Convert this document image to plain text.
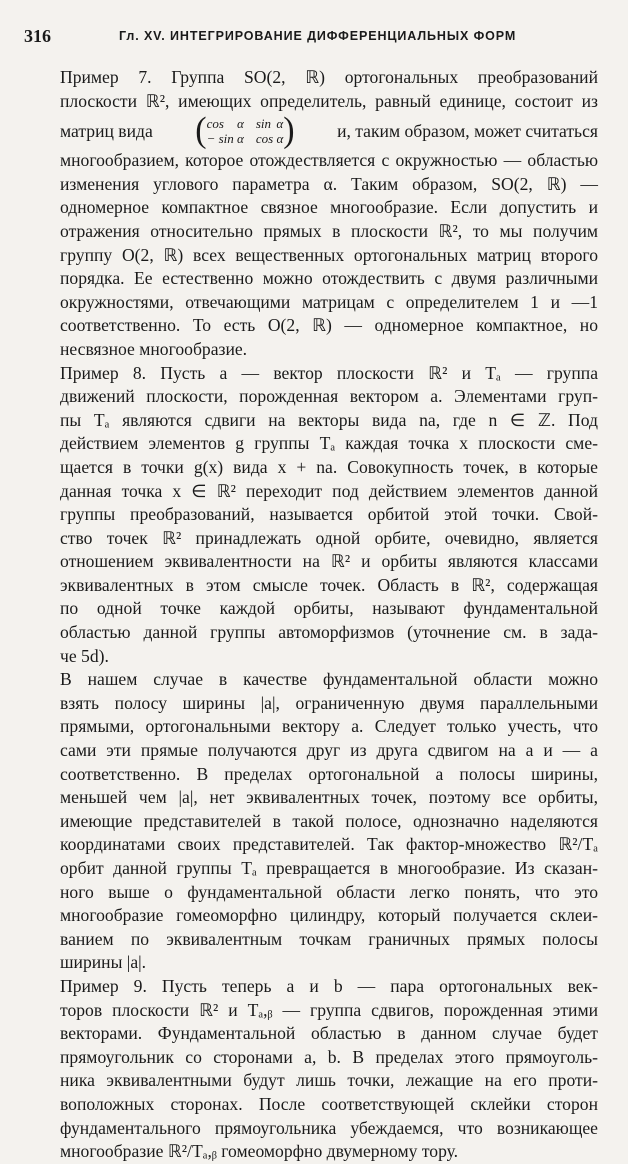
316	Гл. XV. ИНТЕГРИРОВАНИЕ ДИФФЕРЕНЦИАЛЬНЫХ ФОРМ
Пример 7. Группа SO(2, ℝ) ортогональных преобразований
плоскости ℝ², имеющих определитель, равный единице, состоит из
матриц вида ( cos α sin α
− sin α cos α ) и, таким образом, может считаться
многообразием, которое отождествляется с окружностью — областью
изменения углового параметра α. Таким образом, SO(2, ℝ) —
одномерное компактное связное многообразие. Если допустить и
отражения относительно прямых в плоскости ℝ², то мы получим
группу O(2, ℝ) всех вещественных ортогональных матриц второго
порядка. Ее естественно можно отождествить с двумя различными
окружностями, отвечающими матрицам с определителем 1 и —1
соответственно. То есть O(2, ℝ) — одномерное компактное, но
несвязное многообразие.
Пример 8. Пусть a — вектор плоскости ℝ² и Tₐ — группа
движений плоскости, порожденная вектором a. Элементами груп-
пы Tₐ являются сдвиги на векторы вида na, где n ∈ ℤ. Под
действием элементов g группы Tₐ каждая точка x плоскости сме-
щается в точки g(x) вида x + na. Совокупность точек, в которые
данная точка x ∈ ℝ² переходит под действием элементов данной
группы преобразований, называется орбитой этой точки. Свой-
ство точек ℝ² принадлежать одной орбите, очевидно, является
отношением эквивалентности на ℝ² и орбиты являются классами
эквивалентных в этом смысле точек. Область в ℝ², содержащая
по одной точке каждой орбиты, называют фундаментальной
областью данной группы автоморфизмов (уточнение см. в зада-
че 5d).
В нашем случае в качестве фундаментальной области можно
взять полосу ширины |a|, ограниченную двумя параллельными
прямыми, ортогональными вектору a. Следует только учесть, что
сами эти прямые получаются друг из друга сдвигом на a и — a
соответственно. В пределах ортогональной a полосы ширины,
меньшей чем |a|, нет эквивалентных точек, поэтому все орбиты,
имеющие представителей в такой полосе, однозначно наделяются
координатами своих представителей. Так фактор-множество ℝ²/Tₐ
орбит данной группы Tₐ превращается в многообразие. Из сказан-
ного выше о фундаментальной области легко понять, что это
многообразие гомеоморфно цилиндру, который получается склеи-
ванием по эквивалентным точкам граничных прямых полосы
ширины |a|.
Пример 9. Пусть теперь a и b — пара ортогональных век-
торов плоскости ℝ² и Tₐ,ᵦ — группа сдвигов, порожденная этими
векторами. Фундаментальной областью в данном случае будет
прямоугольник со сторонами a, b. В пределах этого прямоуголь-
ника эквивалентными будут лишь точки, лежащие на его проти-
воположных сторонах. После соответствующей склейки сторон
фундаментального прямоугольника убеждаемся, что возникающее
многообразие ℝ²/Tₐ,ᵦ гомеоморфно двумерному тору.
